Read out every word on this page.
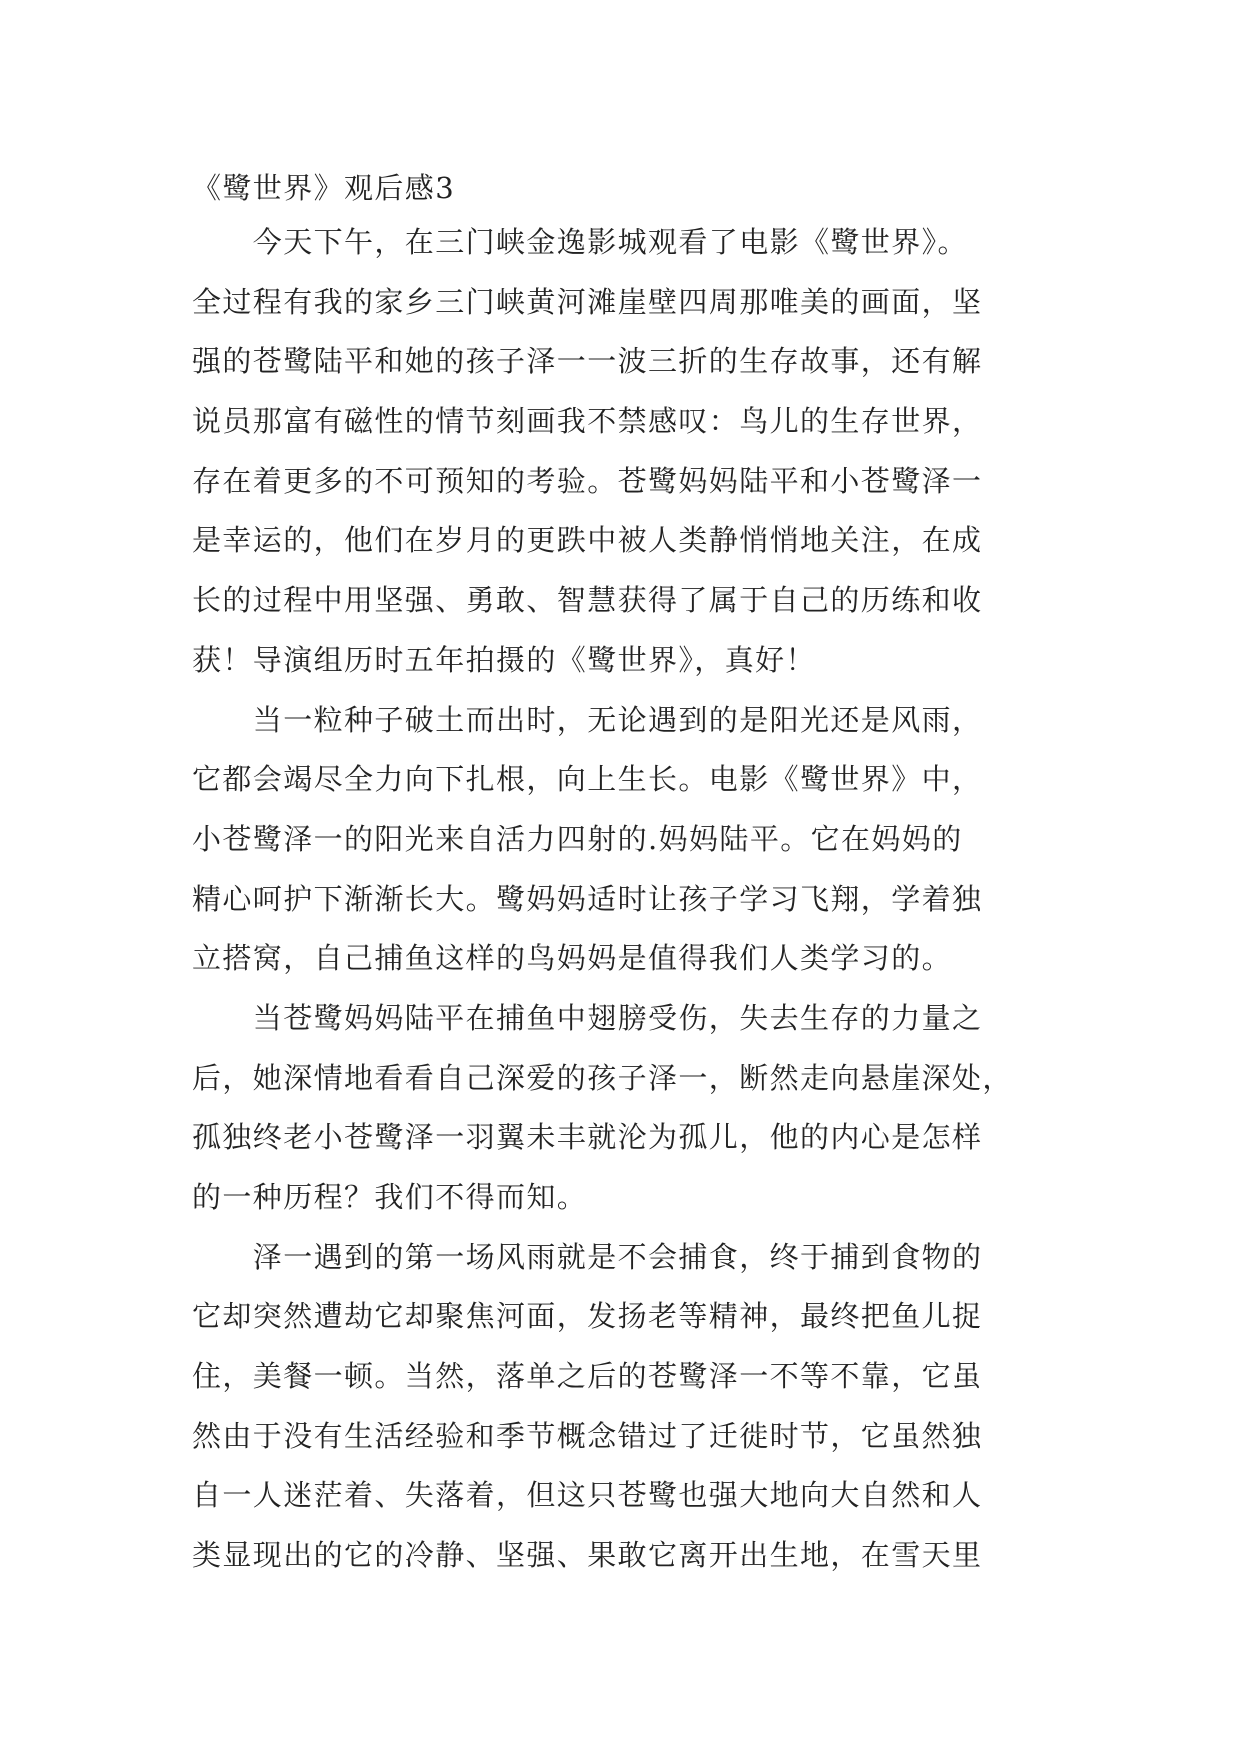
《鹭世界》观后感3
　　今天下午，在三门峡金逸影城观看了电影《鹭世界》。
全过程有我的家乡三门峡黄河滩崖壁四周那唯美的画面，坚
强的苍鹭陆平和她的孩子泽一一波三折的生存故事，还有解
说员那富有磁性的情节刻画我不禁感叹：鸟儿的生存世界，
存在着更多的不可预知的考验。苍鹭妈妈陆平和小苍鹭泽一
是幸运的，他们在岁月的更跌中被人类静悄悄地关注，在成
长的过程中用坚强、勇敢、智慧获得了属于自己的历练和收
获！导演组历时五年拍摄的《鹭世界》，真好！
　　当一粒种子破土而出时，无论遇到的是阳光还是风雨，
它都会竭尽全力向下扎根，向上生长。电影《鹭世界》中，
小苍鹭泽一的阳光来自活力四射的.妈妈陆平。它在妈妈的
精心呵护下渐渐长大。鹭妈妈适时让孩子学习飞翔，学着独
立搭窝，自己捕鱼这样的鸟妈妈是值得我们人类学习的。
　　当苍鹭妈妈陆平在捕鱼中翅膀受伤，失去生存的力量之
后，她深情地看看自己深爱的孩子泽一，断然走向悬崖深处，
孤独终老小苍鹭泽一羽翼未丰就沦为孤儿，他的内心是怎样
的一种历程？我们不得而知。
　　泽一遇到的第一场风雨就是不会捕食，终于捕到食物的
它却突然遭劫它却聚焦河面，发扬老等精神，最终把鱼儿捉
住，美餐一顿。当然，落单之后的苍鹭泽一不等不靠，它虽
然由于没有生活经验和季节概念错过了迁徙时节，它虽然独
自一人迷茫着、失落着，但这只苍鹭也强大地向大自然和人
类显现出的它的冷静、坚强、果敢它离开出生地，在雪天里
